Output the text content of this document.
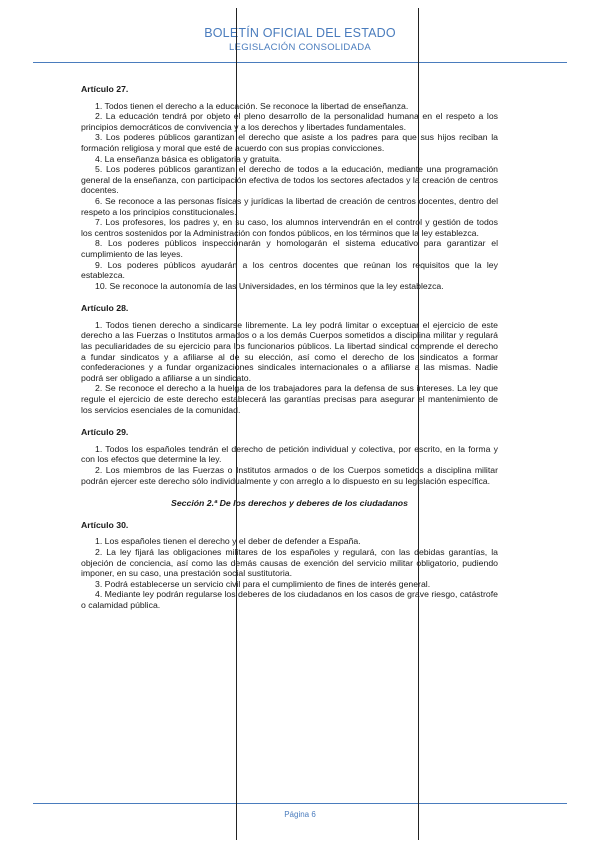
BOLETÍN OFICIAL DEL ESTADO
LEGISLACIÓN CONSOLIDADA
Artículo 27.

1. Todos tienen el derecho a la educación. Se reconoce la libertad de enseñanza.

2. La educación tendrá por objeto el pleno desarrollo de la personalidad humana en el respeto a los principios democráticos de convivencia y a los derechos y libertades fundamentales.

3. Los poderes públicos garantizan el derecho que asiste a los padres para que sus hijos reciban la formación religiosa y moral que esté de acuerdo con sus propias convicciones.

4. La enseñanza básica es obligatoria y gratuita.

5. Los poderes públicos garantizan el derecho de todos a la educación, mediante una programación general de la enseñanza, con participación efectiva de todos los sectores afectados y la creación de centros docentes.

6. Se reconoce a las personas físicas y jurídicas la libertad de creación de centros docentes, dentro del respeto a los principios constitucionales.

7. Los profesores, los padres y, en su caso, los alumnos intervendrán en el control y gestión de todos los centros sostenidos por la Administración con fondos públicos, en los términos que la ley establezca.

8. Los poderes públicos inspeccionarán y homologarán el sistema educativo para garantizar el cumplimiento de las leyes.

9. Los poderes públicos ayudarán a los centros docentes que reúnan los requisitos que la ley establezca.

10. Se reconoce la autonomía de las Universidades, en los términos que la ley establezca.

Artículo 28.

1. Todos tienen derecho a sindicarse libremente. La ley podrá limitar o exceptuar el ejercicio de este derecho a las Fuerzas o Institutos armados o a los demás Cuerpos sometidos a disciplina militar y regulará las peculiaridades de su ejercicio para los funcionarios públicos. La libertad sindical comprende el derecho a fundar sindicatos y a afiliarse al de su elección, así como el derecho de los sindicatos a formar confederaciones y a fundar organizaciones sindicales internacionales o a afiliarse a las mismas. Nadie podrá ser obligado a afiliarse a un sindicato.

2. Se reconoce el derecho a la huelga de los trabajadores para la defensa de sus intereses. La ley que regule el ejercicio de este derecho establecerá las garantías precisas para asegurar el mantenimiento de los servicios esenciales de la comunidad.

Artículo 29.

1. Todos los españoles tendrán el derecho de petición individual y colectiva, por escrito, en la forma y con los efectos que determine la ley.

2. Los miembros de las Fuerzas o Institutos armados o de los Cuerpos sometidos a disciplina militar podrán ejercer este derecho sólo individualmente y con arreglo a lo dispuesto en su legislación específica.

Sección 2.ª De los derechos y deberes de los ciudadanos
Artículo 30.

1. Los españoles tienen el derecho y el deber de defender a España.

2. La ley fijará las obligaciones militares de los españoles y regulará, con las debidas garantías, la objeción de conciencia, así como las demás causas de exención del servicio militar obligatorio, pudiendo imponer, en su caso, una prestación social sustitutoria.

3. Podrá establecerse un servicio civil para el cumplimiento de fines de interés general.

4. Mediante ley podrán regularse los deberes de los ciudadanos en los casos de grave riesgo, catástrofe o calamidad pública.

Página 6
